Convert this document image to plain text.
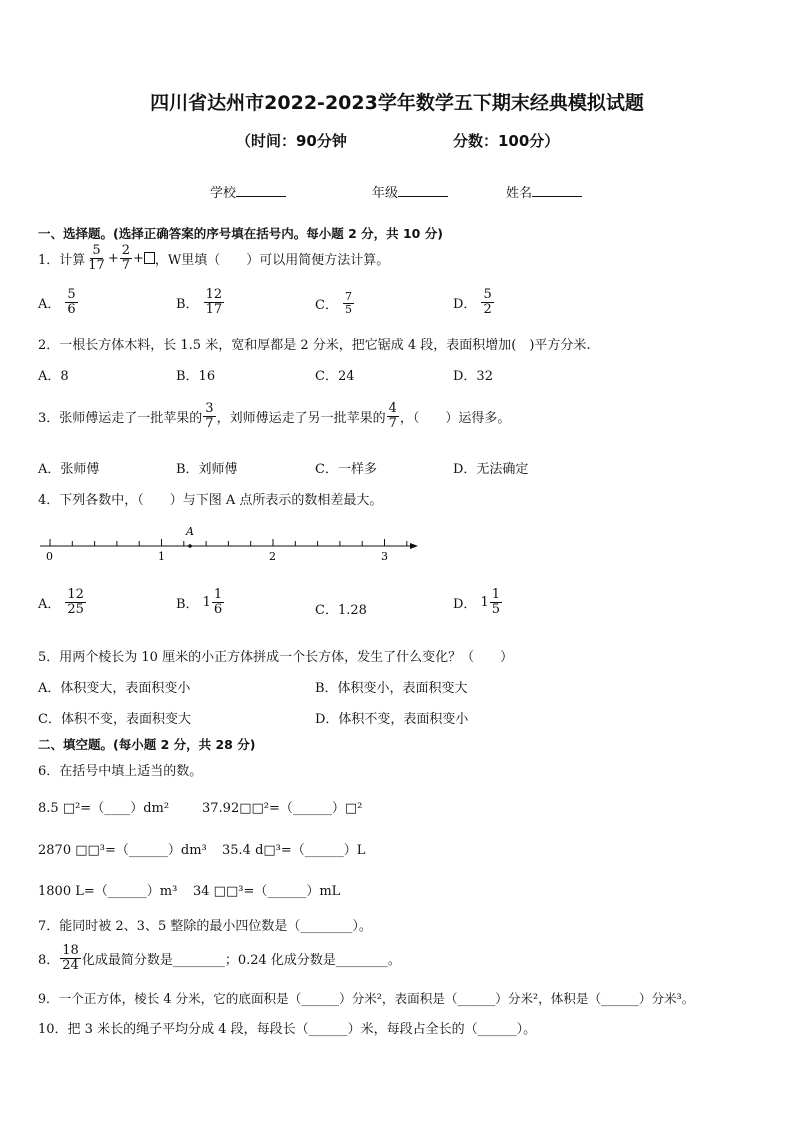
四川省达州市2022-2023学年数学五下期末经典模拟试题
（时间：90分钟	分数：100分）
学校	年级	姓名
一、选择题。(选择正确答案的序号填在括号内。每小题 2 分，共 10 分)
1．计算 $\frac{5}{17} + \frac{2}{7}$ + ，W里填（　　）可以用简便方法计算。
A． $\frac{5}{6}$	B． $\frac{12}{17}$	C． $\frac{7}{5}$	D． $\frac{5}{2}$
2．一根长方体木料，长 1.5 米，宽和厚都是 2 分米，把它锯成 4 段，表面积增加(　)平方分米.
A．8	B．16	C．24	D．32
3．张师傅运走了一批苹果的 $\frac{3}{7}$ ，刘师傅运走了另一批苹果的 $\frac{4}{7}$ ，（　　）运得多。
A．张师傅	B．刘师傅	C．一样多	D．无法确定
4．下列各数中，（　　）与下图 A 点所表示的数相差最大。
A
0	1	2	3
A． $\frac{12}{25}$	B． $1 \frac{1}{6}$	C．1.28	D． $1 \frac{1}{5}$
5．用两个棱长为 10 厘米的小正方体拼成一个长方体，发生了什么变化？（　　）
A．体积变大，表面积变小	B．体积变小，表面积变大
C．体积不变，表面积变大	D．体积不变，表面积变小
二、填空题。(每小题 2 分，共 28 分)
6．在括号中填上适当的数。
8.5 □²=（____）dm²	37.92□□²=（______）□²
2870 □□³=（______）dm³ 35.4 d□³=（______）L
1800 L=（______）m³ 34 □□³=（______）mL
7．能同时被 2、3、5 整除的最小四位数是（________）。
8． $\frac{18}{24}$ 化成最简分数是________；0.24 化成分数是________。
9．一个正方体，棱长 4 分米，它的底面积是（______）分米²，表面积是（______）分米²，体积是（______）分米³。
10．把 3 米长的绳子平均分成 4 段，每段长（______）米，每段占全长的（______）。
